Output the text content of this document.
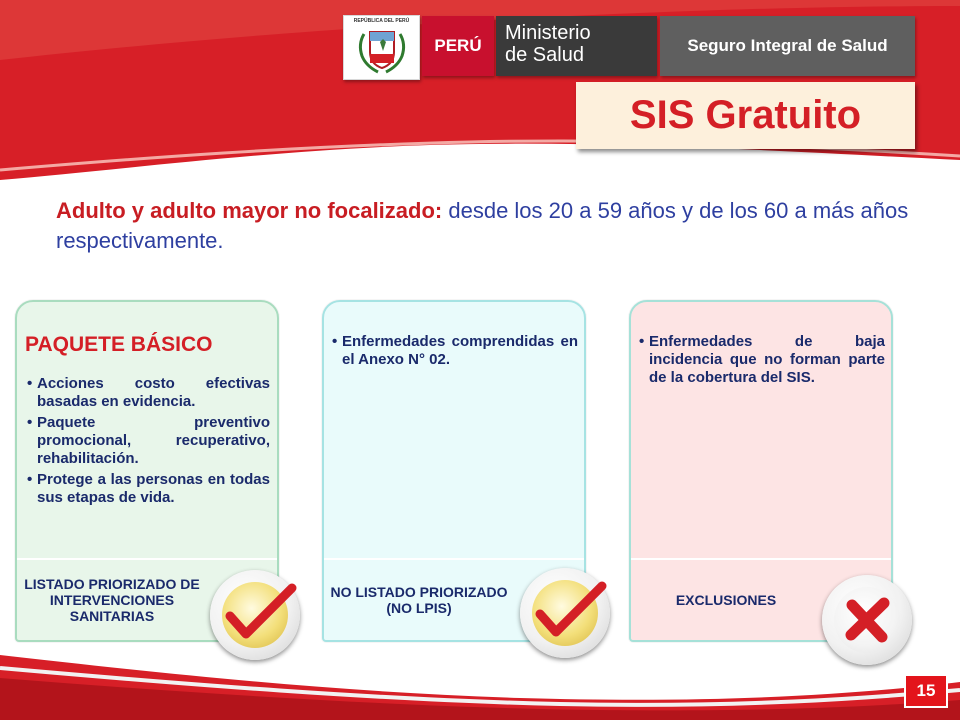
REPÚBLICA DEL PERÚ
PERÚ
Ministerio
de Salud	Seguro Integral de Salud
SIS Gratuito
Adulto y adulto mayor no focalizado: desde los 20 a 59 años y de los 60 a más años respectivamente.
PAQUETE BÁSICO
• Acciones costo efectivas basadas en evidencia.
• Paquete preventivo promocional, recuperativo, rehabilitación.
• Protege a las personas en todas sus etapas de vida.
LISTADO PRIORIZADO DE INTERVENCIONES SANITARIAS
• Enfermedades comprendidas en el Anexo N° 02.
NO LISTADO PRIORIZADO (NO LPIS)
• Enfermedades de baja incidencia que no forman parte de la cobertura del SIS.
EXCLUSIONES
15
